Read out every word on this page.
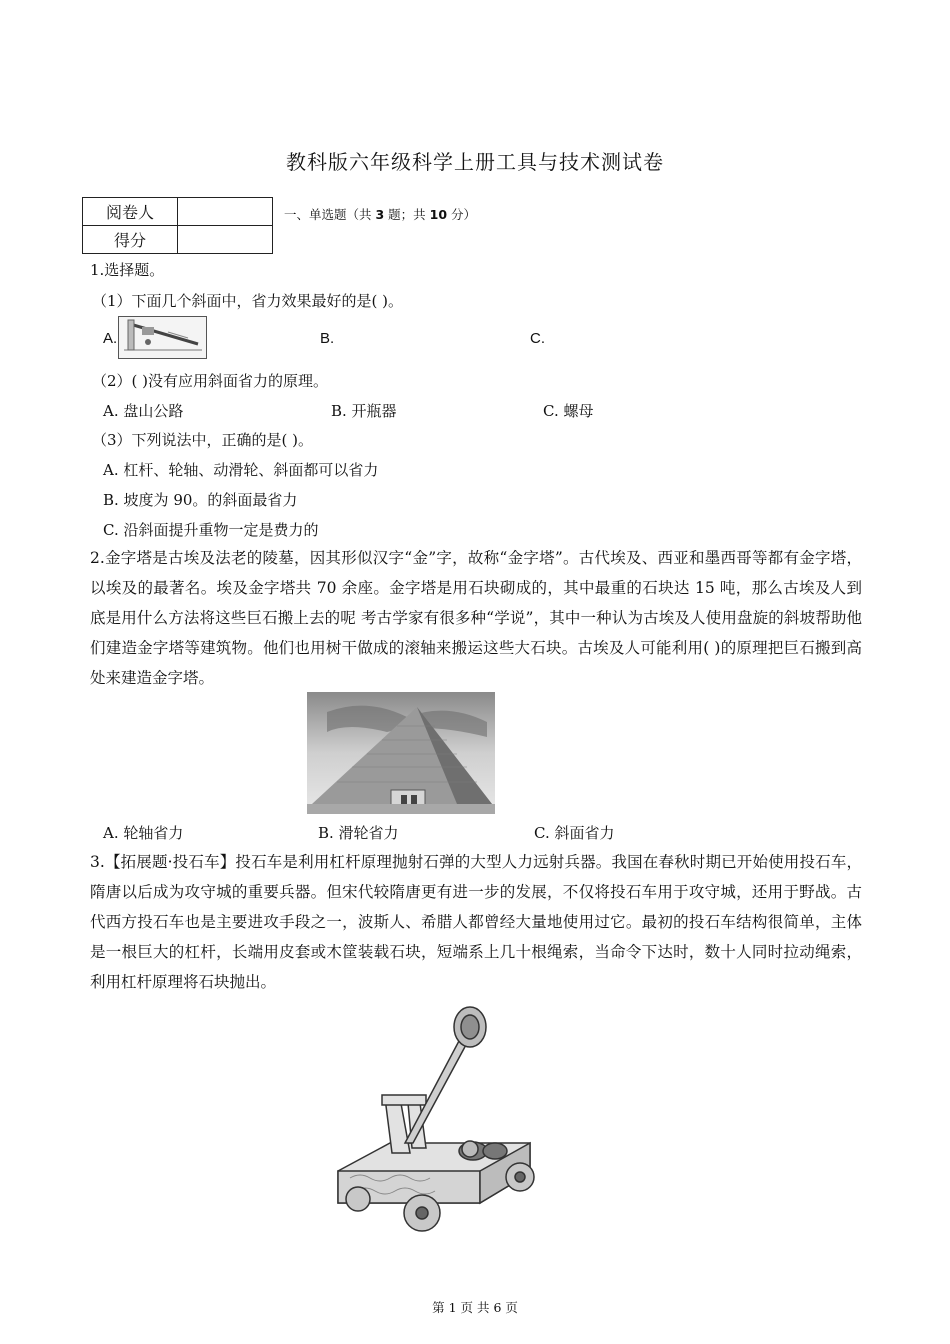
教科版六年级科学上册工具与技术测试卷
阅卷人	
得分	
一、单选题（共 3 题；共 10 分）
1.选择题。
（1）下面几个斜面中，省力效果最好的是( )。
A.	B.	C.
（2）( )没有应用斜面省力的原理。
A. 盘山公路	B. 开瓶器	C. 螺母
（3）下列说法中，正确的是( )。
A. 杠杆、轮轴、动滑轮、斜面都可以省力
B. 坡度为 90。的斜面最省力
C. 沿斜面提升重物一定是费力的
2.金字塔是古埃及法老的陵墓，因其形似汉字“金”字，故称“金字塔”。古代埃及、西亚和墨西哥等都有金字塔，以埃及的最著名。埃及金字塔共 70 余座。金字塔是用石块砌成的，其中最重的石块达 15 吨，那么古埃及人到底是用什么方法将这些巨石搬上去的呢 考古学家有很多种“学说”，其中一种认为古埃及人使用盘旋的斜坡帮助他们建造金字塔等建筑物。他们也用树干做成的滚轴来搬运这些大石块。古埃及人可能利用( )的原理把巨石搬到高处来建造金字塔。
A. 轮轴省力	B. 滑轮省力	C. 斜面省力
3.【拓展题·投石车】投石车是利用杠杆原理抛射石弹的大型人力远射兵器。我国在春秋时期已开始使用投石车，隋唐以后成为攻守城的重要兵器。但宋代较隋唐更有进一步的发展，不仅将投石车用于攻守城，还用于野战。古代西方投石车也是主要进攻手段之一，波斯人、希腊人都曾经大量地使用过它。最初的投石车结构很简单，主体是一根巨大的杠杆，长端用皮套或木筐装载石块，短端系上几十根绳索，当命令下达时，数十人同时拉动绳索，利用杠杆原理将石块抛出。
第 1 页 共 6 页
